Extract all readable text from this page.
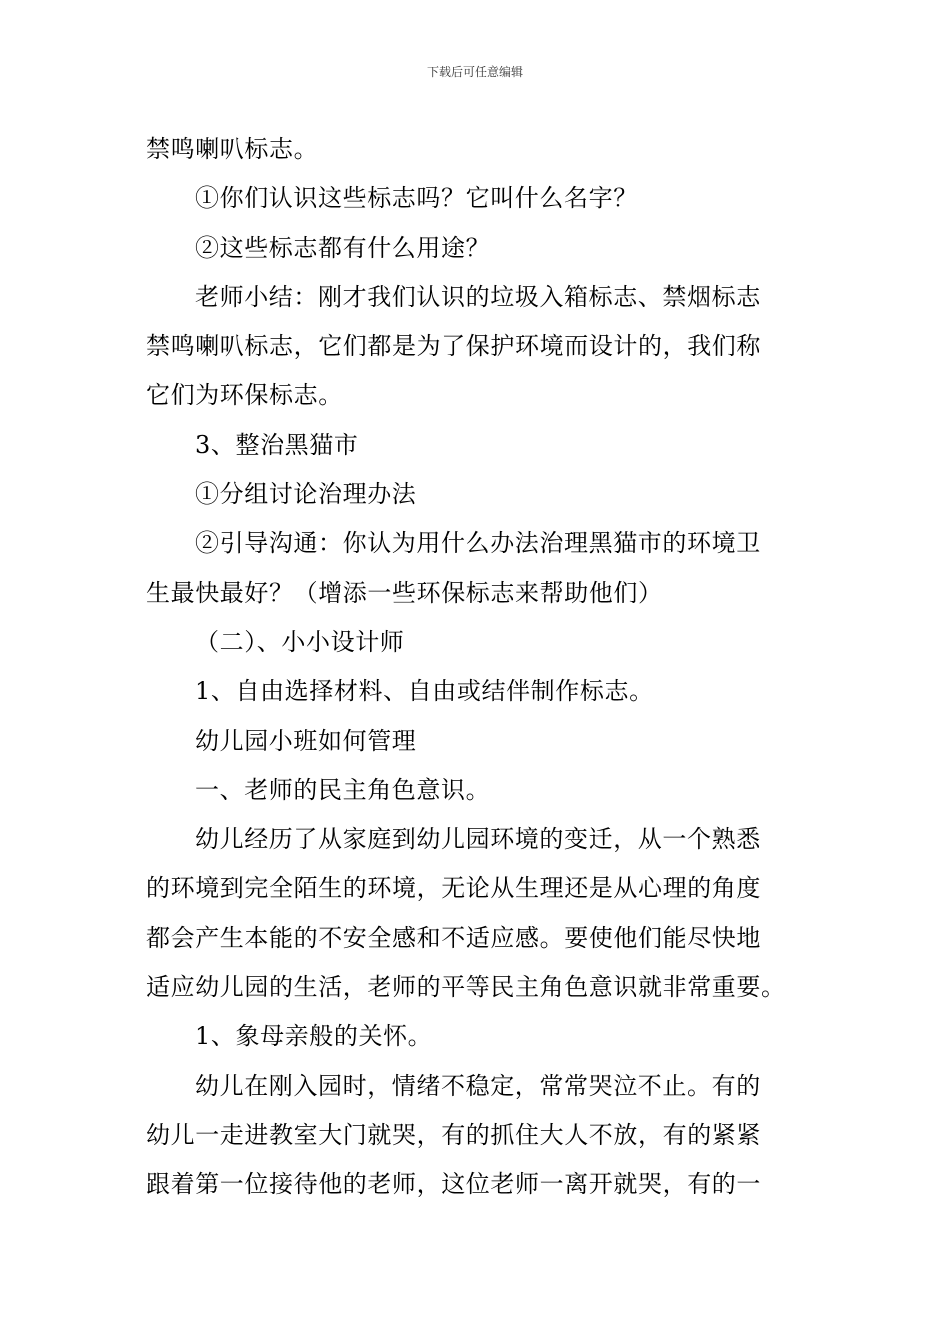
下载后可任意编辑

禁鸣喇叭标志。

①你们认识这些标志吗？它叫什么名字？

②这些标志都有什么用途？

老师小结：刚才我们认识的垃圾入箱标志、禁烟标志

禁鸣喇叭标志，它们都是为了保护环境而设计的，我们称

它们为环保标志。

3、整治黑猫市

①分组讨论治理办法

②引导沟通：你认为用什么办法治理黑猫市的环境卫

生最快最好？（增添一些环保标志来帮助他们）

（二）、小小设计师

1、自由选择材料、自由或结伴制作标志。

幼儿园小班如何管理

一、老师的民主角色意识。

幼儿经历了从家庭到幼儿园环境的变迁，从一个熟悉

的环境到完全陌生的环境，无论从生理还是从心理的角度

都会产生本能的不安全感和不适应感。要使他们能尽快地

适应幼儿园的生活，老师的平等民主角色意识就非常重要。

1、象母亲般的关怀。

幼儿在刚入园时，情绪不稳定，常常哭泣不止。有的

幼儿一走进教室大门就哭，有的抓住大人不放，有的紧紧

跟着第一位接待他的老师，这位老师一离开就哭，有的一
